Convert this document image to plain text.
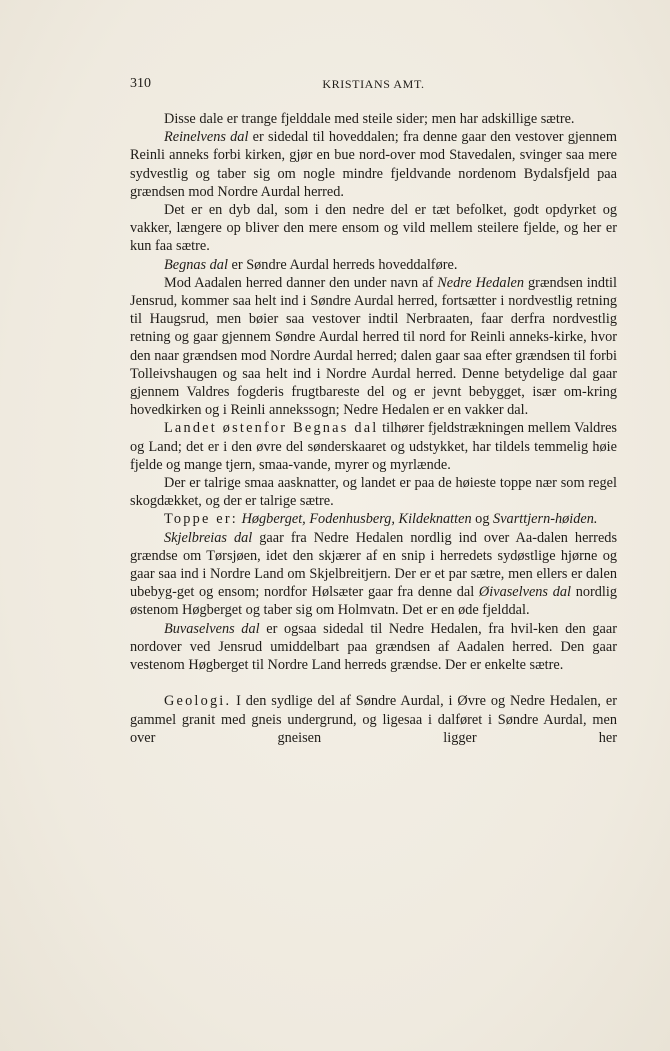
310	KRISTIANS AMT.

Disse dale er trange fjelddale med steile sider; men har adskillige sætre.

Reinelvens dal er sidedal til hoveddalen; fra denne gaar den vestover gjennem Reinli anneks forbi kirken, gjør en bue nord-over mod Stavedalen, svinger saa mere sydvestlig og taber sig om nogle mindre fjeldvande nordenom Bydalsfjeld paa grændsen mod Nordre Aurdal herred.

Det er en dyb dal, som i den nedre del er tæt befolket, godt opdyrket og vakker, længere op bliver den mere ensom og vild mellem steilere fjelde, og her er kun faa sætre.

Begnas dal er Søndre Aurdal herreds hoveddalføre.

Mod Aadalen herred danner den under navn af Nedre Hedalen grændsen indtil Jensrud, kommer saa helt ind i Søndre Aurdal herred, fortsætter i nordvestlig retning til Haugsrud, men bøier saa vestover indtil Nerbraaten, faar derfra nordvestlig retning og gaar gjennem Søndre Aurdal herred til nord for Reinli anneks-kirke, hvor den naar grændsen mod Nordre Aurdal herred; dalen gaar saa efter grændsen til forbi Tolleivshaugen og saa helt ind i Nordre Aurdal herred. Denne betydelige dal gaar gjennem Valdres fogderis frugtbareste del og er jevnt bebygget, især om-kring hovedkirken og i Reinli annekssogn; Nedre Hedalen er en vakker dal.

Landet østenfor Begnas dal tilhører fjeldstrækningen mellem Valdres og Land; det er i den øvre del sønderskaaret og udstykket, har tildels temmelig høie fjelde og mange tjern, smaa-vande, myrer og myrlænde.

Der er talrige smaa aasknatter, og landet er paa de høieste toppe nær som regel skogdækket, og der er talrige sætre.

Toppe er: Høgberget, Fodenhusberg, Kildeknatten og Svarttjern-høiden.

Skjelbreias dal gaar fra Nedre Hedalen nordlig ind over Aa-dalen herreds grændse om Tørsjøen, idet den skjærer af en snip i herredets sydøstlige hjørne og gaar saa ind i Nordre Land om Skjelbreitjern. Der er et par sætre, men ellers er dalen ubebyg-get og ensom; nordfor Hølsæter gaar fra denne dal Øivaselvens dal nordlig østenom Høgberget og taber sig om Holmvatn. Det er en øde fjelddal.

Buvaselvens dal er ogsaa sidedal til Nedre Hedalen, fra hvil-ken den gaar nordover ved Jensrud umiddelbart paa grændsen af Aadalen herred. Den gaar vestenom Høgberget til Nordre Land herreds grændse. Der er enkelte sætre.

Geologi. I den sydlige del af Søndre Aurdal, i Øvre og Nedre Hedalen, er gammel granit med gneis undergrund, og ligesaa i dalføret i Søndre Aurdal, men over gneisen ligger her
